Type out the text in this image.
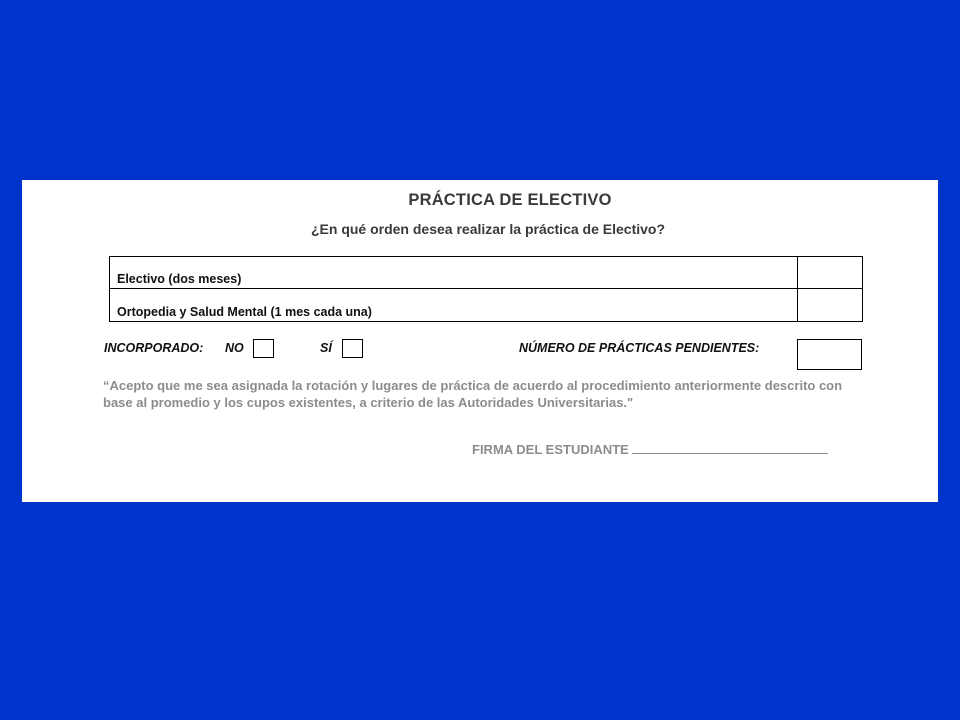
PRÁCTICA DE ELECTIVO
¿En qué orden desea realizar la práctica de Electivo?
Electivo (dos meses)
Ortopedia y Salud Mental (1 mes cada una)
INCORPORADO: NO	SÍ	NÚMERO DE PRÁCTICAS PENDIENTES:
“Acepto que me sea asignada la rotación y lugares de práctica de acuerdo al procedimiento anteriormente descrito con base al promedio y los cupos existentes, a criterio de las Autoridades Universitarias."
FIRMA DEL ESTUDIANTE
